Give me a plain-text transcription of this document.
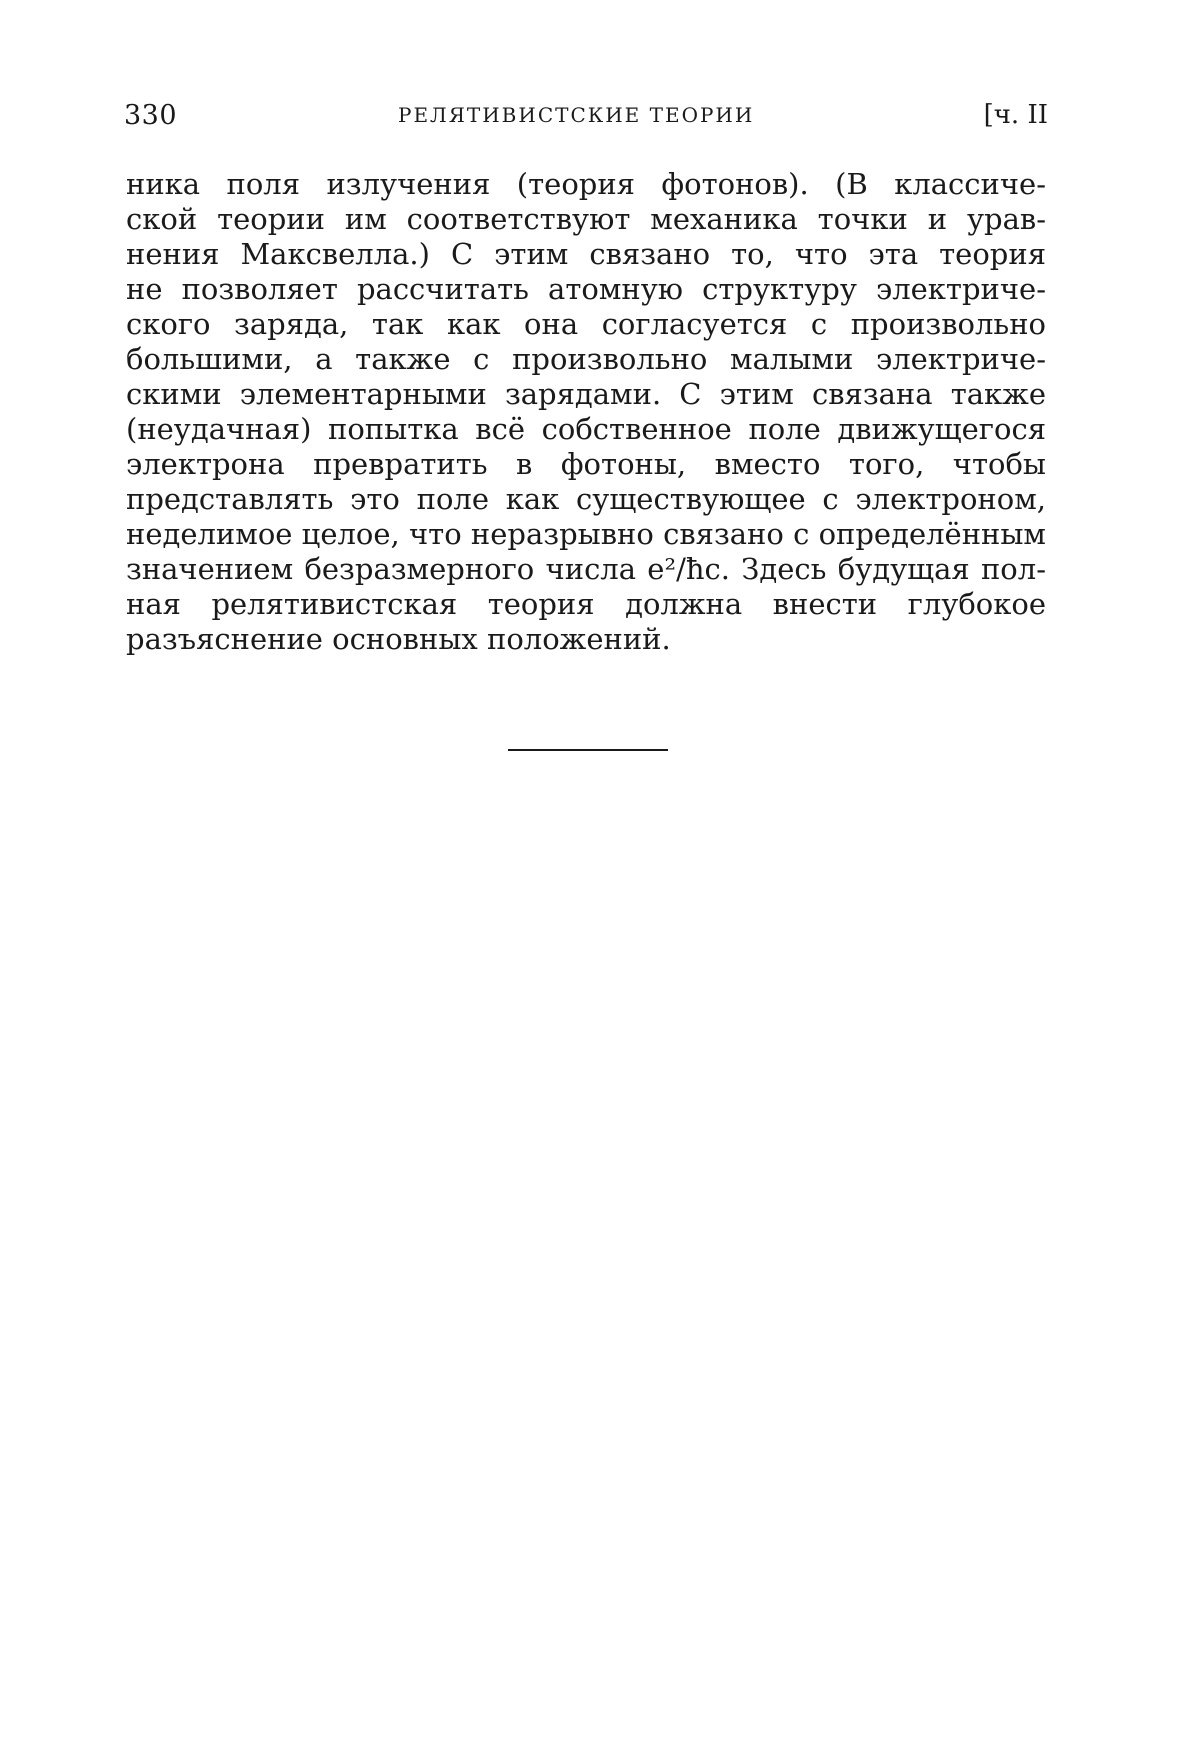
330	РЕЛЯТИВИСТСКИЕ ТЕОРИИ	[ч. II
ника поля излучения (теория фотонов). (В классиче-
ской теории им соответствуют механика точки и урав-
нения Максвелла.) С этим связано то, что эта теория
не позволяет рассчитать атомную структуру электриче-
ского заряда, так как она согласуется с произвольно
большими, а также с произвольно малыми электриче-
скими элементарными зарядами. С этим связана также
(неудачная) попытка всё собственное поле движущегося
электрона превратить в фотоны, вместо того, чтобы
представлять это поле как существующее с электроном,
неделимое целое, что неразрывно связано с определённым
значением безразмерного числа e²/ħc. Здесь будущая пол-
ная релятивистская теория должна внести глубокое
разъяснение основных положений.
